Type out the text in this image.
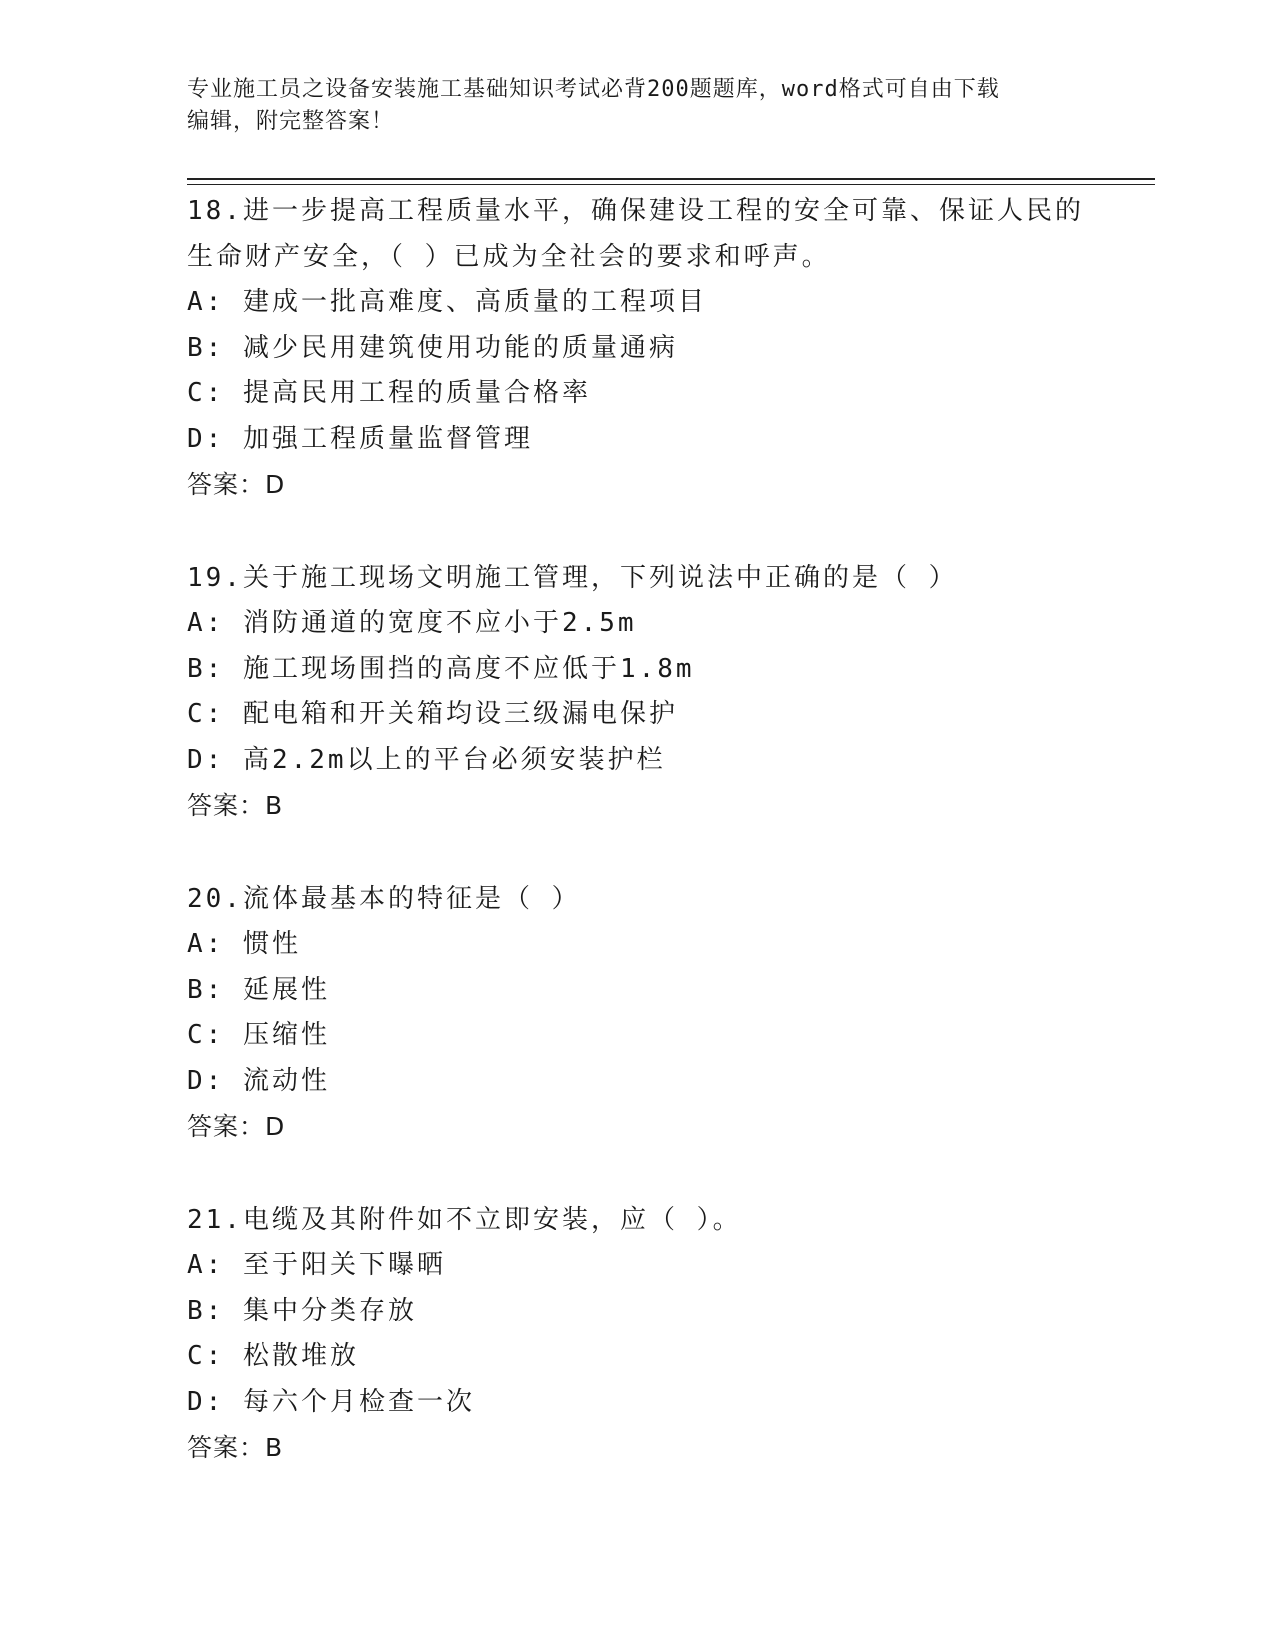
专业施工员之设备安装施工基础知识考试必背200题题库，word格式可自由下载
编辑，附完整答案！
18.进一步提高工程质量水平，确保建设工程的安全可靠、保证人民的
生命财产安全，（ ）已成为全社会的要求和呼声。
A: 建成一批高难度、高质量的工程项目
B: 减少民用建筑使用功能的质量通病
C: 提高民用工程的质量合格率
D: 加强工程质量监督管理
答案：D
19.关于施工现场文明施工管理，下列说法中正确的是（ ）
A: 消防通道的宽度不应小于2.5m
B: 施工现场围挡的高度不应低于1.8m
C: 配电箱和开关箱均设三级漏电保护
D: 高2.2m以上的平台必须安装护栏
答案：B
20.流体最基本的特征是（ ）
A: 惯性
B: 延展性
C: 压缩性
D: 流动性
答案：D
21.电缆及其附件如不立即安装，应（ ）。
A: 至于阳关下曝晒
B: 集中分类存放
C: 松散堆放
D: 每六个月检查一次
答案：B
